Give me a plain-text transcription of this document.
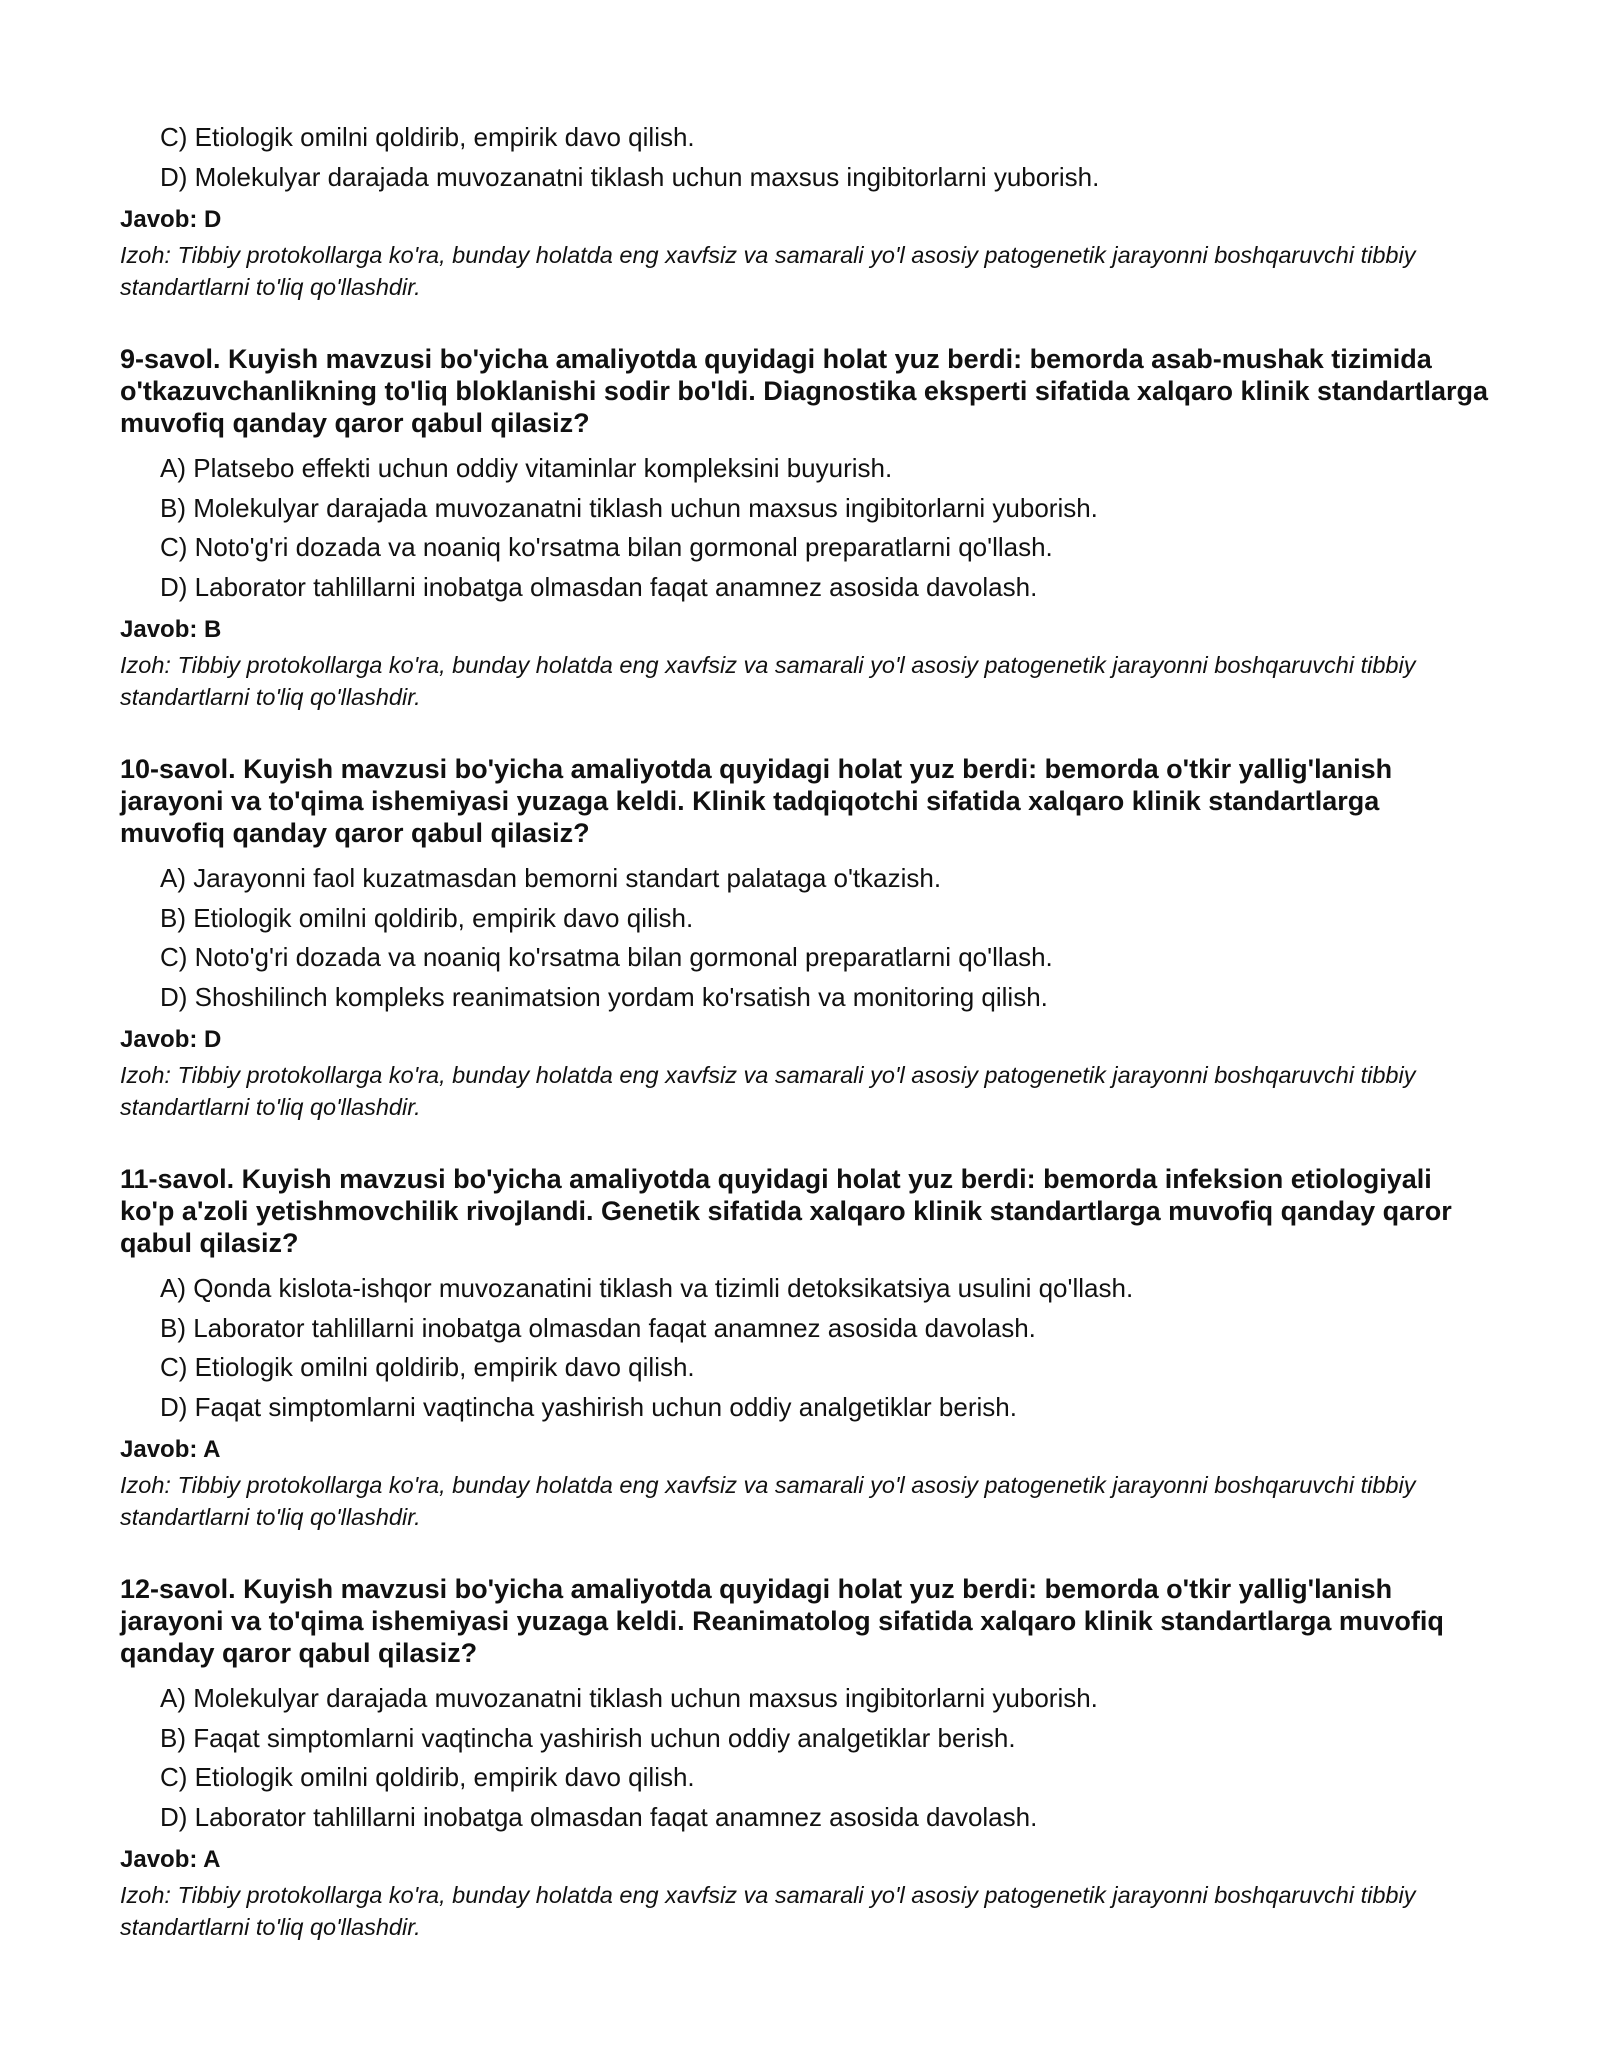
C) Etiologik omilni qoldirib, empirik davo qilish.
D) Molekulyar darajada muvozanatni tiklash uchun maxsus ingibitorlarni yuborish.
Javob: D
Izoh: Tibbiy protokollarga ko'ra, bunday holatda eng xavfsiz va samarali yo'l asosiy patogenetik jarayonni boshqaruvchi tibbiy standartlarni to'liq qo'llashdir.
9-savol. Kuyish mavzusi bo'yicha amaliyotda quyidagi holat yuz berdi: bemorda asab-mushak tizimida o'tkazuvchanlikning to'liq bloklanishi sodir bo'ldi. Diagnostika eksperti sifatida xalqaro klinik standartlarga muvofiq qanday qaror qabul qilasiz?
A) Platsebo effekti uchun oddiy vitaminlar kompleksini buyurish.
B) Molekulyar darajada muvozanatni tiklash uchun maxsus ingibitorlarni yuborish.
C) Noto'g'ri dozada va noaniq ko'rsatma bilan gormonal preparatlarni qo'llash.
D) Laborator tahlillarni inobatga olmasdan faqat anamnez asosida davolash.
Javob: B
Izoh: Tibbiy protokollarga ko'ra, bunday holatda eng xavfsiz va samarali yo'l asosiy patogenetik jarayonni boshqaruvchi tibbiy standartlarni to'liq qo'llashdir.
10-savol. Kuyish mavzusi bo'yicha amaliyotda quyidagi holat yuz berdi: bemorda o'tkir yallig'lanish jarayoni va to'qima ishemiyasi yuzaga keldi. Klinik tadqiqotchi sifatida xalqaro klinik standartlarga muvofiq qanday qaror qabul qilasiz?
A) Jarayonni faol kuzatmasdan bemorni standart palataga o'tkazish.
B) Etiologik omilni qoldirib, empirik davo qilish.
C) Noto'g'ri dozada va noaniq ko'rsatma bilan gormonal preparatlarni qo'llash.
D) Shoshilinch kompleks reanimatsion yordam ko'rsatish va monitoring qilish.
Javob: D
Izoh: Tibbiy protokollarga ko'ra, bunday holatda eng xavfsiz va samarali yo'l asosiy patogenetik jarayonni boshqaruvchi tibbiy standartlarni to'liq qo'llashdir.
11-savol. Kuyish mavzusi bo'yicha amaliyotda quyidagi holat yuz berdi: bemorda infeksion etiologiyali ko'p a'zoli yetishmovchilik rivojlandi. Genetik sifatida xalqaro klinik standartlarga muvofiq qanday qaror qabul qilasiz?
A) Qonda kislota-ishqor muvozanatini tiklash va tizimli detoksikatsiya usulini qo'llash.
B) Laborator tahlillarni inobatga olmasdan faqat anamnez asosida davolash.
C) Etiologik omilni qoldirib, empirik davo qilish.
D) Faqat simptomlarni vaqtincha yashirish uchun oddiy analgetiklar berish.
Javob: A
Izoh: Tibbiy protokollarga ko'ra, bunday holatda eng xavfsiz va samarali yo'l asosiy patogenetik jarayonni boshqaruvchi tibbiy standartlarni to'liq qo'llashdir.
12-savol. Kuyish mavzusi bo'yicha amaliyotda quyidagi holat yuz berdi: bemorda o'tkir yallig'lanish jarayoni va to'qima ishemiyasi yuzaga keldi. Reanimatolog sifatida xalqaro klinik standartlarga muvofiq qanday qaror qabul qilasiz?
A) Molekulyar darajada muvozanatni tiklash uchun maxsus ingibitorlarni yuborish.
B) Faqat simptomlarni vaqtincha yashirish uchun oddiy analgetiklar berish.
C) Etiologik omilni qoldirib, empirik davo qilish.
D) Laborator tahlillarni inobatga olmasdan faqat anamnez asosida davolash.
Javob: A
Izoh: Tibbiy protokollarga ko'ra, bunday holatda eng xavfsiz va samarali yo'l asosiy patogenetik jarayonni boshqaruvchi tibbiy standartlarni to'liq qo'llashdir.
